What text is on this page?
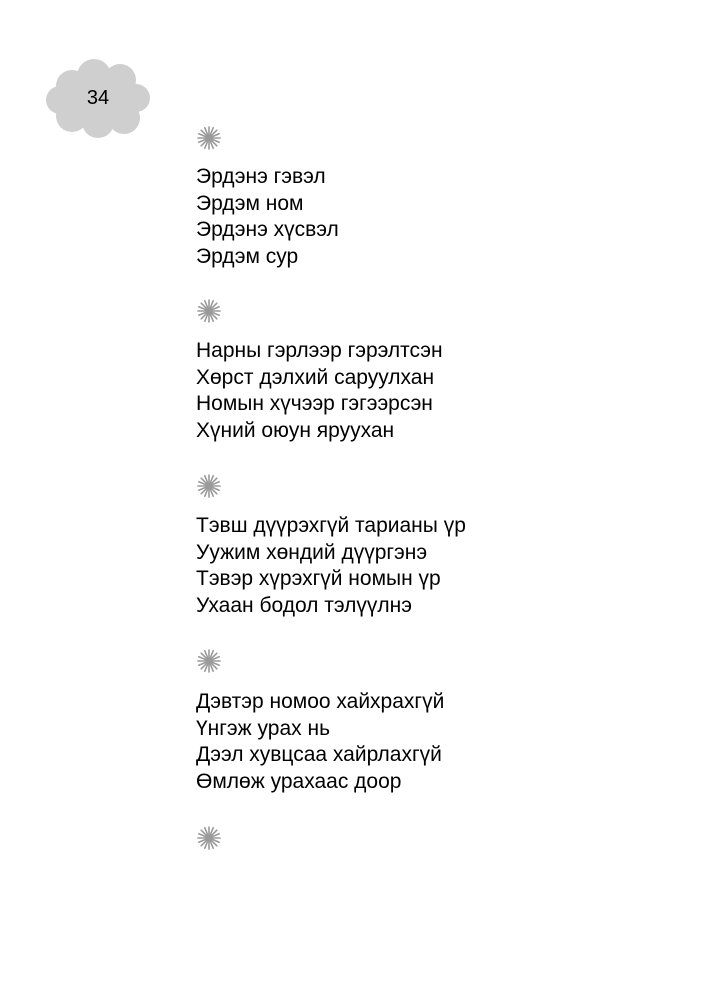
34
Эрдэнэ гэвэл
Эрдэм ном
Эрдэнэ хүсвэл
Эрдэм сур
Нарны гэрлээр гэрэлтсэн
Хөрст дэлхий саруулхан
Номын хүчээр гэгээрсэн
Хүний оюун яруухан
Тэвш дүүрэхгүй тарианы үр
Уужим хөндий дүүргэнэ
Тэвэр хүрэхгүй номын үр
Ухаан бодол тэлүүлнэ
Дэвтэр номоо хайхрахгүй
Үнгэж урах нь
Дээл хувцсаа хайрлахгүй
Өмлөж урахаас доор
